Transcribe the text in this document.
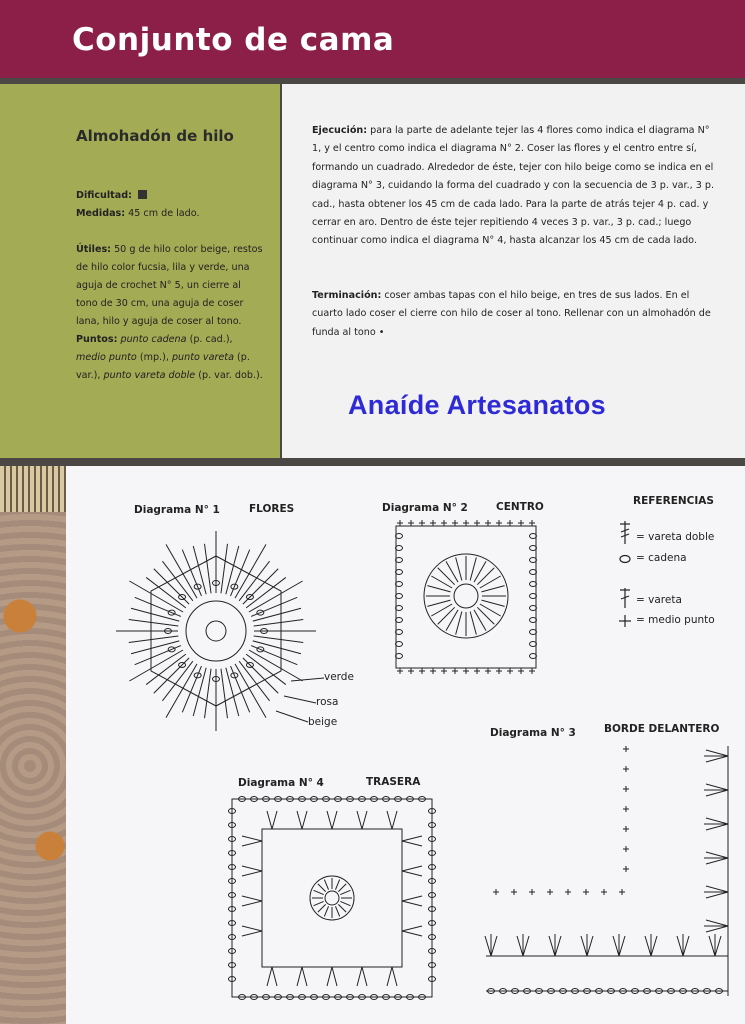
Conjunto de cama
Almohadón de hilo
Dificultad:
Medidas: 45 cm de lado.
Útiles: 50 g de hilo color beige, restos de hilo color fucsia, lila y verde, una aguja de crochet N° 5, un cierre al tono de 30 cm, una aguja de coser lana, hilo y aguja de coser al tono.
Puntos: punto cadena (p. cad.), medio punto (mp.), punto vareta (p. var.), punto vareta doble (p. var. dob.).
Ejecución: para la parte de adelante tejer las 4 flores como indica el diagrama N° 1, y el centro como indica el diagrama N° 2. Coser las flores y el centro entre sí, formando un cuadrado. Alrededor de éste, tejer con hilo beige como se indica en el diagrama N° 3, cuidando la forma del cuadrado y con la secuencia de 3 p. var., 3 p. cad., hasta obtener los 45 cm de cada lado. Para la parte de atrás tejer 4 p. cad. y cerrar en aro. Dentro de éste tejer repitiendo 4 veces 3 p. var., 3 p. cad.; luego continuar como indica el diagrama N° 4, hasta alcanzar los 45 cm de cada lado.
Terminación: coser ambas tapas con el hilo beige, en tres de sus lados. En el cuarto lado coser el cierre con hilo de coser al tono. Rellenar con un almohadón de funda al tono •
Anaíde Artesanatos
Diagrama N° 1	FLORES	Diagrama N° 2	CENTRO	REFERENCIAS
= vareta doble
= cadena
= vareta
= medio punto
Diagrama N° 3	BORDE DELANTERO
Diagrama N° 4	TRASERA
verde
rosa
beige
